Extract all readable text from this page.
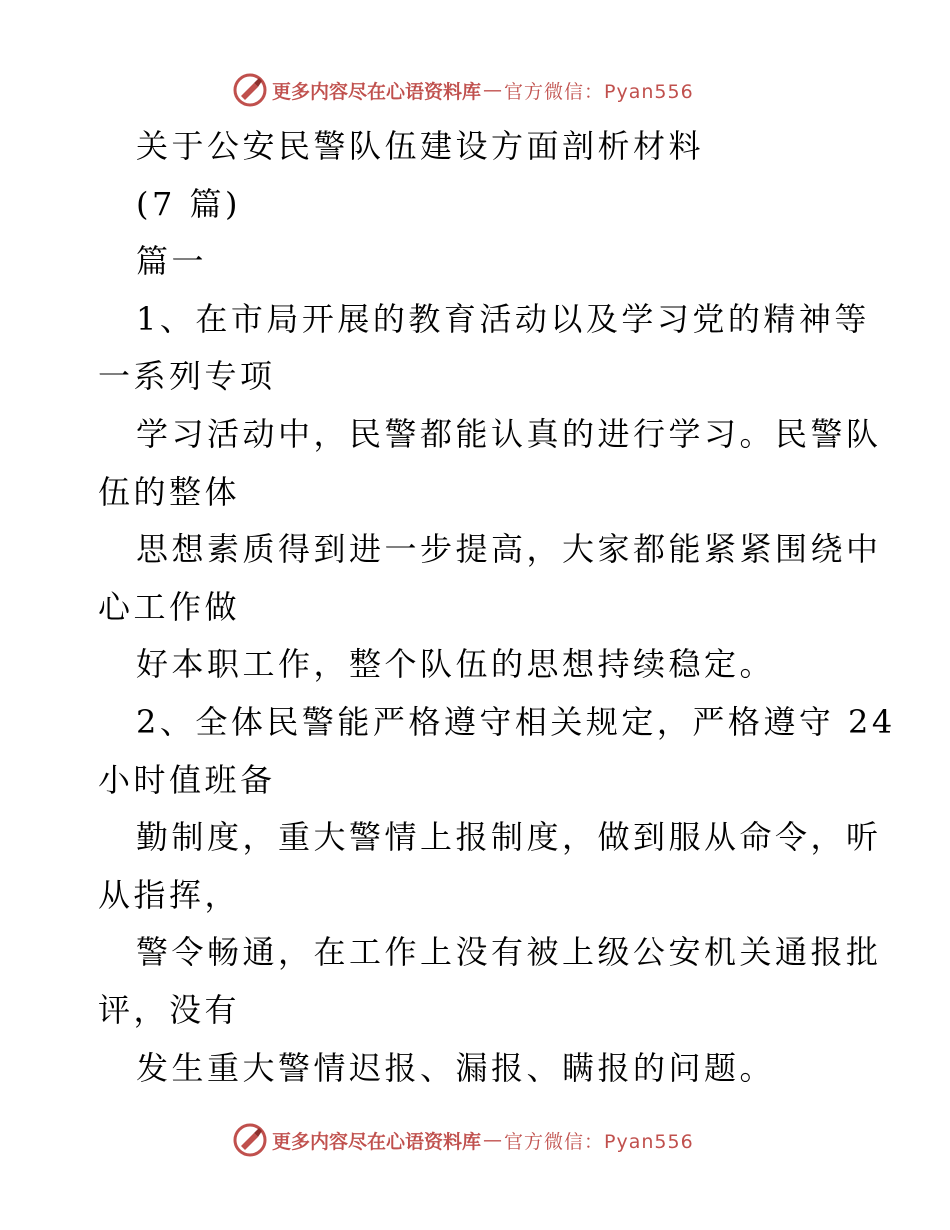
更多内容尽在心语资料库 — 官方微信：Pyan556
关于公安民警队伍建设方面剖析材料
(7 篇)
篇一
1、在市局开展的教育活动以及学习党的精神等
一系列专项
学习活动中，民警都能认真的进行学习。民警队
伍的整体
思想素质得到进一步提高，大家都能紧紧围绕中
心工作做
好本职工作，整个队伍的思想持续稳定。
2、全体民警能严格遵守相关规定，严格遵守 24
小时值班备
勤制度，重大警情上报制度，做到服从命令，听
从指挥，
警令畅通，在工作上没有被上级公安机关通报批
评，没有
发生重大警情迟报、漏报、瞒报的问题。
更多内容尽在心语资料库 — 官方微信：Pyan556
